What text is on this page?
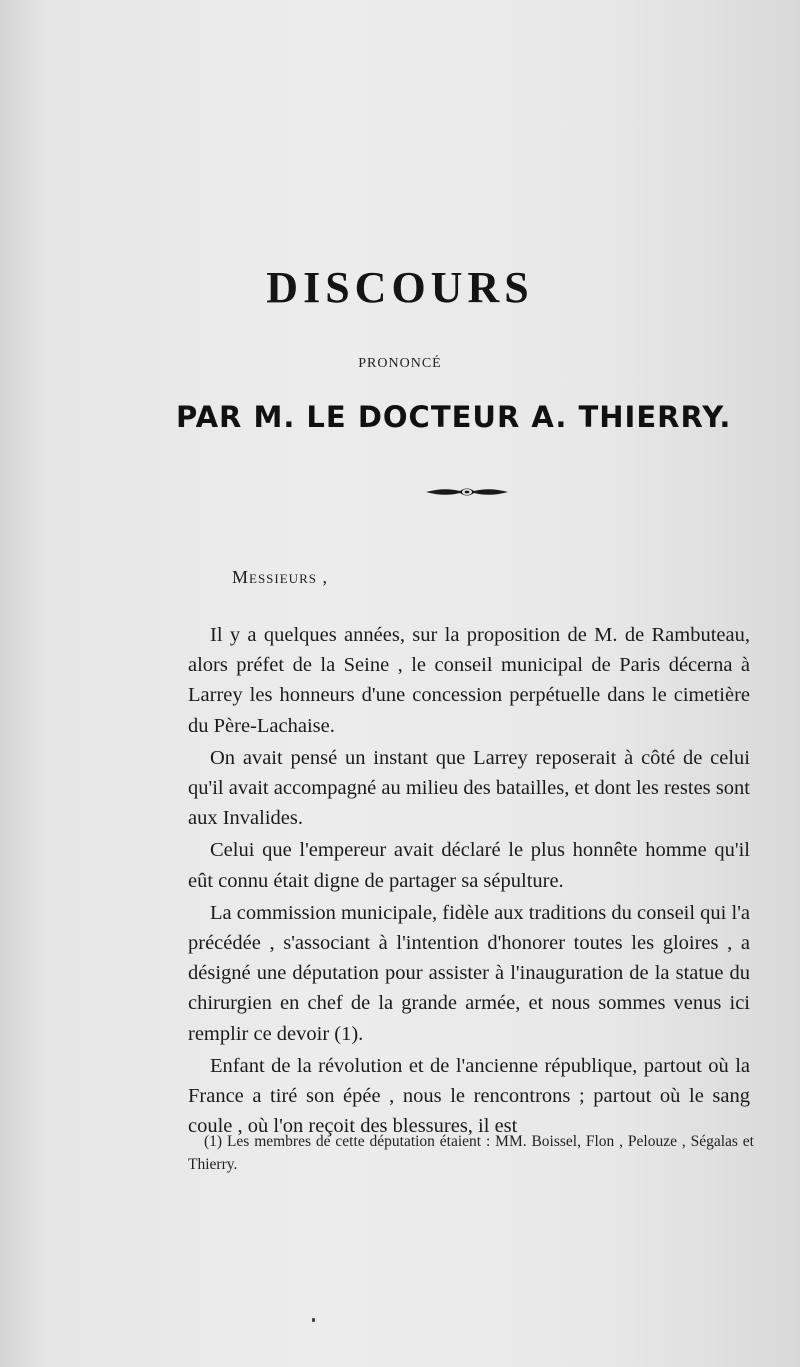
DISCOURS
PRONONCÉ
PAR M. LE DOCTEUR A. THIERRY.
Messieurs ,

Il y a quelques années, sur la proposition de M. de Rambuteau, alors préfet de la Seine , le conseil municipal de Paris décerna à Larrey les honneurs d'une concession perpétuelle dans le cimetière du Père-Lachaise.

On avait pensé un instant que Larrey reposerait à côté de celui qu'il avait accompagné au milieu des batailles, et dont les restes sont aux Invalides.

Celui que l'empereur avait déclaré le plus honnête homme qu'il eût connu était digne de partager sa sépulture.

La commission municipale, fidèle aux traditions du conseil qui l'a précédée , s'associant à l'intention d'honorer toutes les gloires , a désigné une députation pour assister à l'inauguration de la statue du chirurgien en chef de la grande armée, et nous sommes venus ici remplir ce devoir (1).

Enfant de la révolution et de l'ancienne république, partout où la France a tiré son épée , nous le rencontrons ; partout où le sang coule , où l'on reçoit des blessures, il est

(1) Les membres de cette députation étaient : MM. Boissel, Flon , Pelouze , Ségalas et Thierry.
